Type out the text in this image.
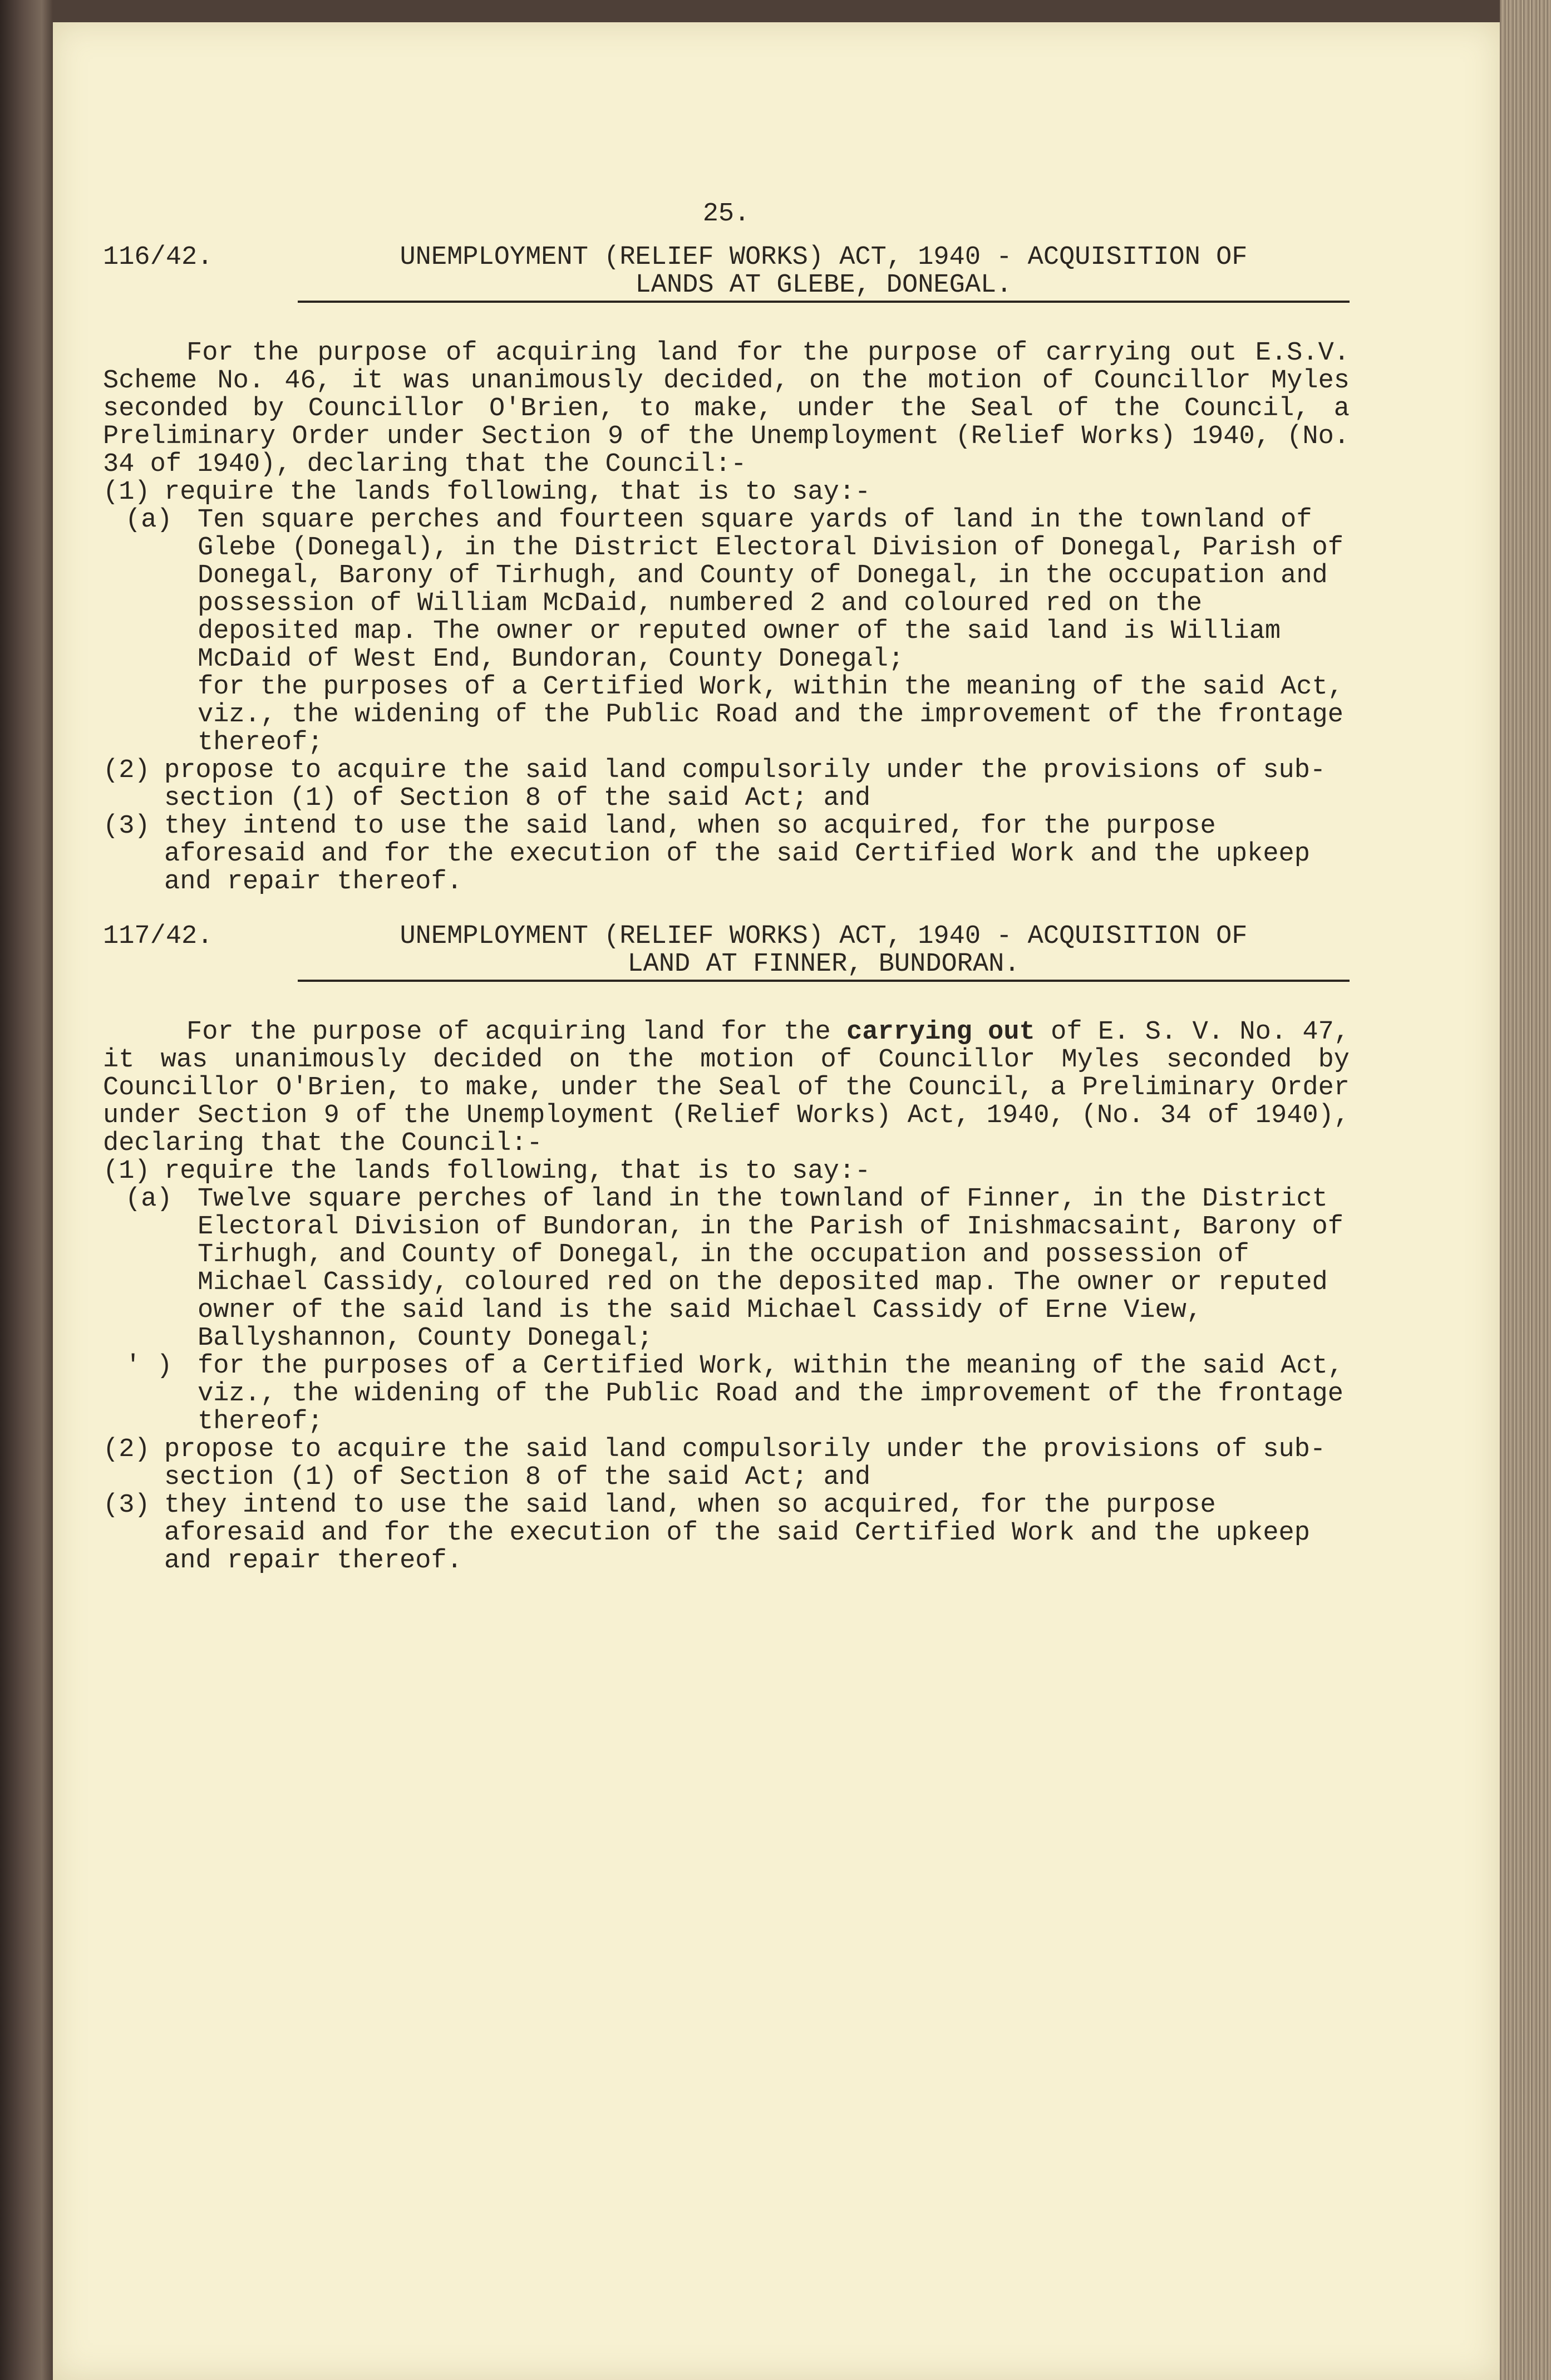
25.
116/42.	UNEMPLOYMENT (RELIEF WORKS) ACT, 1940 - ACQUISITION OF
LANDS AT GLEBE, DONEGAL.
For the purpose of acquiring land for the purpose of carrying out E.S.V. Scheme No. 46, it was unanimously decided, on the motion of Councillor Myles seconded by Councillor O'Brien, to make, under the Seal of the Council, a Preliminary Order under Section 9 of the Unemployment (Relief Works) 1940, (No. 34 of 1940), declaring that the Council:-
(1) require the lands following, that is to say:-
(a) Ten square perches and fourteen square yards of land in the townland of Glebe (Donegal), in the District Electoral Division of Donegal, Parish of Donegal, Barony of Tirhugh, and County of Donegal, in the occupation and possession of William McDaid, numbered 2 and coloured red on the deposited map. The owner or reputed owner of the said land is William McDaid of West End, Bundoran, County Donegal;
for the purposes of a Certified Work, within the meaning of the said Act, viz., the widening of the Public Road and the improvement of the frontage thereof;
(2) propose to acquire the said land compulsorily under the provisions of sub-section (1) of Section 8 of the said Act; and
(3) they intend to use the said land, when so acquired, for the purpose aforesaid and for the execution of the said Certified Work and the upkeep and repair thereof.
117/42.	UNEMPLOYMENT (RELIEF WORKS) ACT, 1940 - ACQUISITION OF
LAND AT FINNER, BUNDORAN.
For the purpose of acquiring land for the carrying out of E. S. V. No. 47, it was unanimously decided on the motion of Councillor Myles seconded by Councillor O'Brien, to make, under the Seal of the Council, a Preliminary Order under Section 9 of the Unemployment (Relief Works) Act, 1940, (No. 34 of 1940), declaring that the Council:-
(1) require the lands following, that is to say:-
(a) Twelve square perches of land in the townland of Finner, in the District Electoral Division of Bundoran, in the Parish of Inishmacsaint, Barony of Tirhugh, and County of Donegal, in the occupation and possession of Michael Cassidy, coloured red on the deposited map. The owner or reputed owner of the said land is the said Michael Cassidy of Erne View, Ballyshannon, County Donegal;
' ) for the purposes of a Certified Work, within the meaning of the said Act, viz., the widening of the Public Road and the improvement of the frontage thereof;
(2) propose to acquire the said land compulsorily under the provisions of sub-section (1) of Section 8 of the said Act; and
(3) they intend to use the said land, when so acquired, for the purpose aforesaid and for the execution of the said Certified Work and the upkeep and repair thereof.
